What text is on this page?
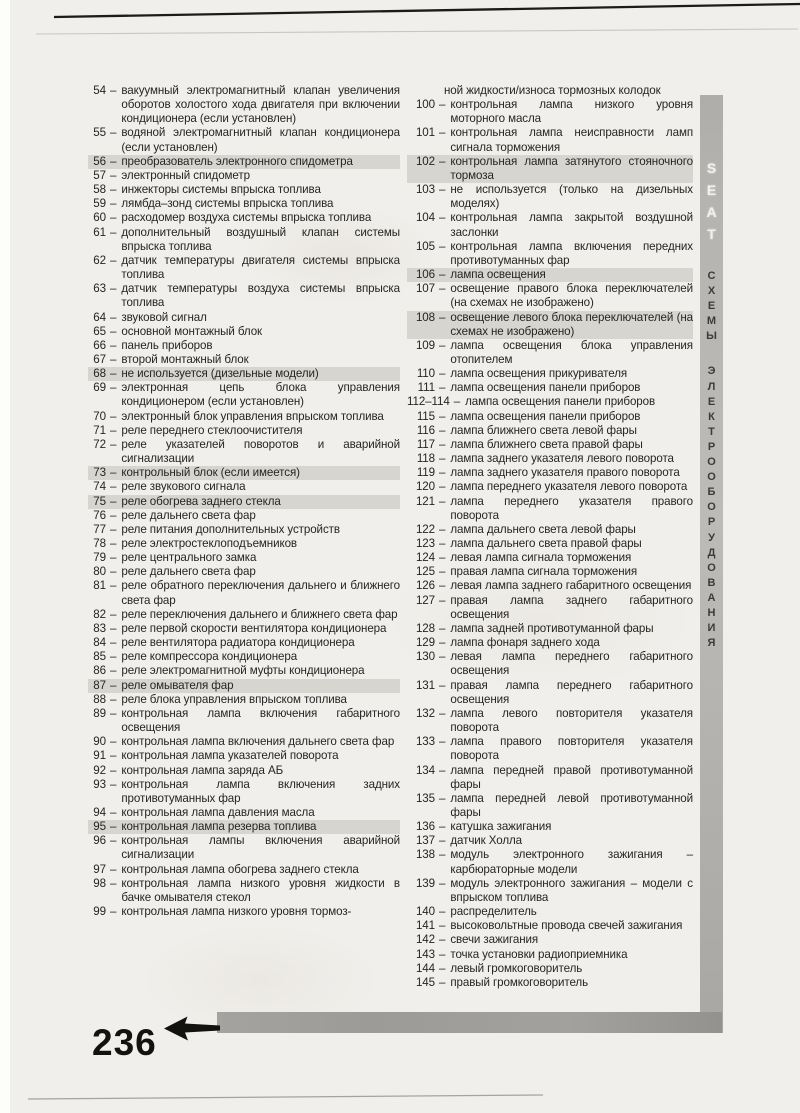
54 – вакуумный электромагнитный клапан увеличения оборотов холостого хода двигателя при включении кондиционера (если установлен)
55 – водяной электромагнитный клапан кондиционера (если установлен)
56 – преобразователь электронного спидометра
57 – электронный спидометр
58 – инжекторы системы впрыска топлива
59 – лямбда–зонд системы впрыска топлива
60 – расходомер воздуха системы впрыска топлива
61 – дополнительный воздушный клапан системы впрыска топлива
62 – датчик температуры двигателя системы впрыска топлива
63 – датчик температуры воздуха системы впрыска топлива
64 – звуковой сигнал
65 – основной монтажный блок
66 – панель приборов
67 – второй монтажный блок
68 – не используется (дизельные модели)
69 – электронная цепь блока управления кондиционером (если установлен)
70 – электронный блок управления впрыском топлива
71 – реле переднего стеклоочистителя
72 – реле указателей поворотов и аварийной сигнализации
73 – контрольный блок (если имеется)
74 – реле звукового сигнала
75 – реле обогрева заднего стекла
76 – реле дальнего света фар
77 – реле питания дополнительных устройств
78 – реле электростеклоподъемников
79 – реле центрального замка
80 – реле дальнего света фар
81 – реле обратного переключения дальнего и ближнего света фар
82 – реле переключения дальнего и ближнего света фар
83 – реле первой скорости вентилятора кондиционера
84 – реле вентилятора радиатора кондиционера
85 – реле компрессора кондиционера
86 – реле электромагнитной муфты кондиционера
87 – реле омывателя фар
88 – реле блока управления впрыском топлива
89 – контрольная лампа включения габаритного освещения
90 – контрольная лампа включения дальнего света фар
91 – контрольная лампа указателей поворота
92 – контрольная лампа заряда АБ
93 – контрольная лампа включения задних противотуманных фар
94 – контрольная лампа давления масла
95 – контрольная лампа резерва топлива
96 – контрольная лампы включения аварийной сигнализации
97 – контрольная лампа обогрева заднего стекла
98 – контрольная лампа низкого уровня жидкости в бачке омывателя стекол
99 – контрольная лампа низкого уровня тормоз-
ной жидкости/износа тормозных колодок
100 – контрольная лампа низкого уровня моторного масла
101 – контрольная лампа неисправности ламп сигнала торможения
102 – контрольная лампа затянутого стояночного тормоза
103 – не используется (только на дизельных моделях)
104 – контрольная лампа закрытой воздушной заслонки
105 – контрольная лампа включения передних противотуманных фар
106 – лампа освещения
107 – освещение правого блока переключателей (на схемах не изображено)
108 – освещение левого блока переключателей (на схемах не изображено)
109 – лампа освещения блока управления отопителем
110 – лампа освещения прикуривателя
111 – лампа освещения панели приборов
112–114 – лампа освещения панели приборов
115 – лампа освещения панели приборов
116 – лампа ближнего света левой фары
117 – лампа ближнего света правой фары
118 – лампа заднего указателя левого поворота
119 – лампа заднего указателя правого поворота
120 – лампа переднего указателя левого поворота
121 – лампа переднего указателя правого поворота
122 – лампа дальнего света левой фары
123 – лампа дальнего света правой фары
124 – левая лампа сигнала торможения
125 – правая лампа сигнала торможения
126 – левая лампа заднего габаритного освещения
127 – правая лампа заднего габаритного освещения
128 – лампа задней противотуманной фары
129 – лампа фонаря заднего хода
130 – левая лампа переднего габаритного освещения
131 – правая лампа переднего габаритного освещения
132 – лампа левого повторителя указателя поворота
133 – лампа правого повторителя указателя поворота
134 – лампа передней правой противотуманной фары
135 – лампа передней левой противотуманной фары
136 – катушка зажигания
137 – датчик Холла
138 – модуль электронного зажигания – карбюраторные модели
139 – модуль электронного зажигания – модели с впрыском топлива
140 – распределитель
141 – высоковольтные провода свечей зажигания
142 – свечи зажигания
143 – точка установки радиоприемника
144 – левый громкоговоритель
145 – правый громкоговоритель
S
E
A
T
С
Х
Е
М
Ы
Э
Л
Е
К
Т
Р
О
О
Б
О
Р
У
Д
О
В
А
Н
И
Я
236
